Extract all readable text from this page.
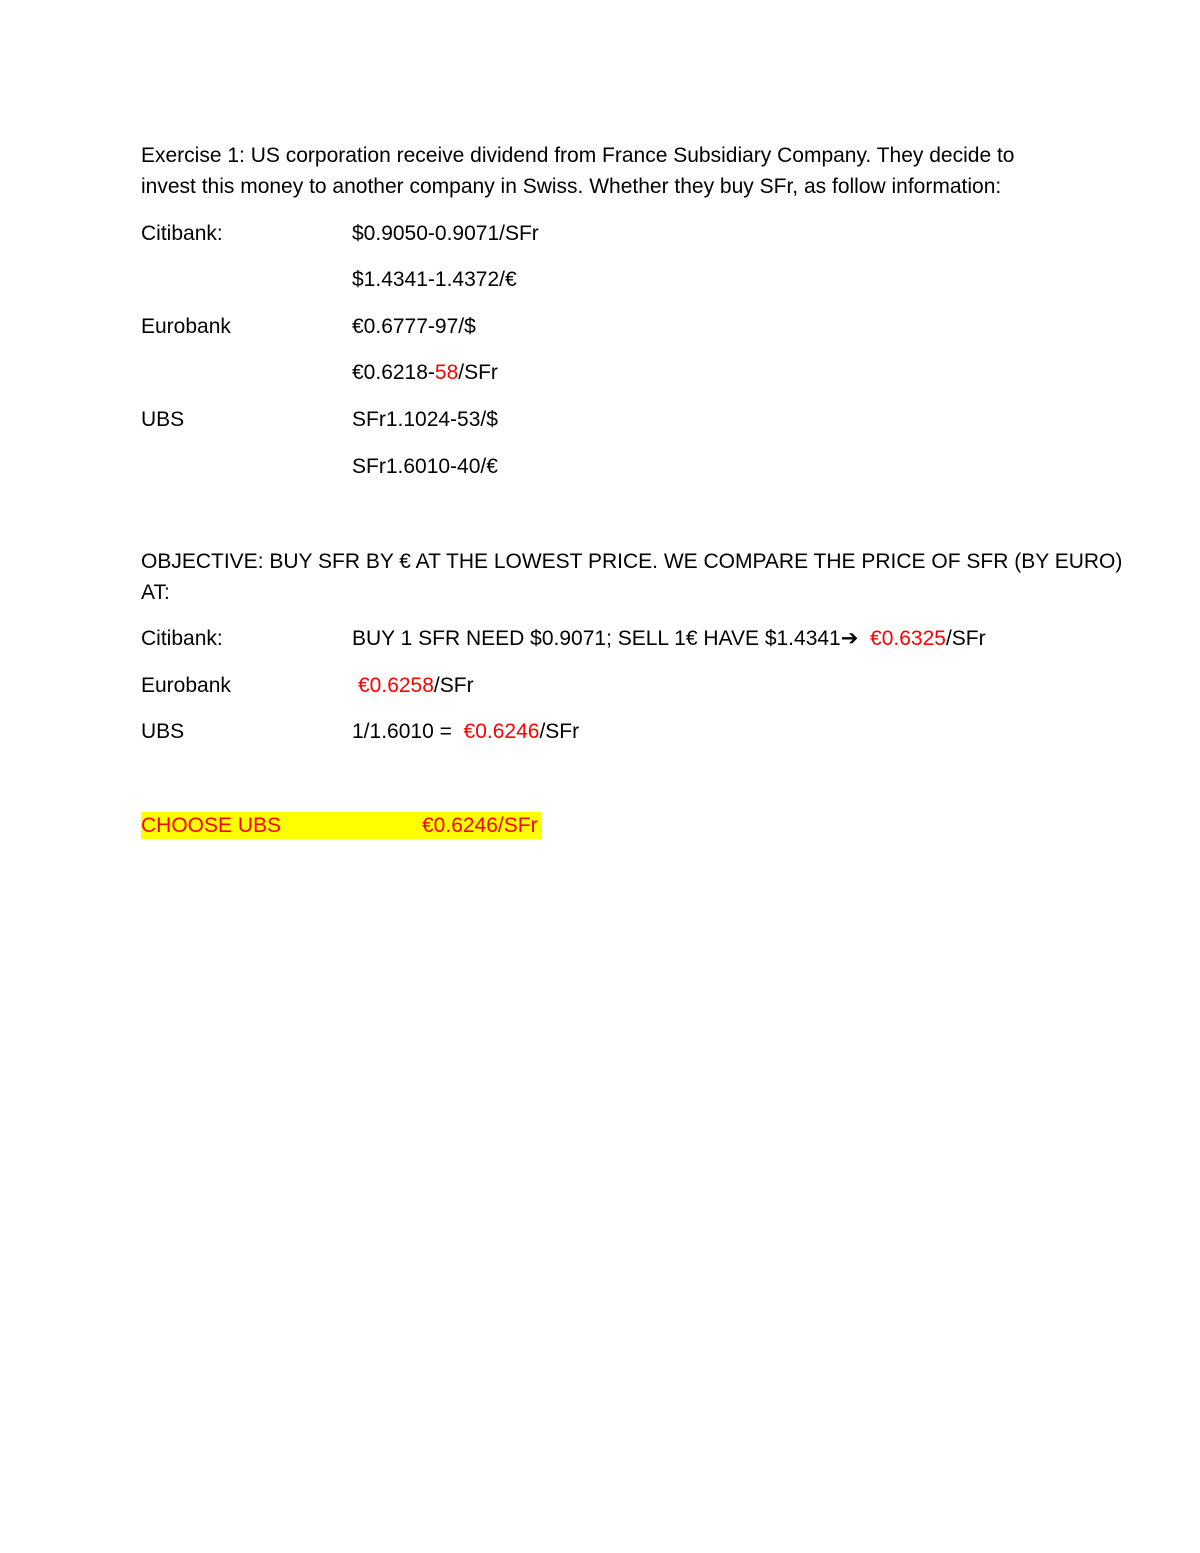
Exercise 1: US corporation receive dividend from France Subsidiary Company. They decide to
invest this money to another company in Swiss. Whether they buy SFr, as follow information:
Citibank:	$0.9050-0.9071/SFr
$1.4341-1.4372/€
Eurobank	€0.6777-97/$
€0.6218-58/SFr
UBS	SFr1.1024-53/$
SFr1.6010-40/€
OBJECTIVE: BUY SFR BY € AT THE LOWEST PRICE. WE COMPARE THE PRICE OF SFR (BY EURO)
AT:
Citibank:	BUY 1 SFR NEED $0.9071; SELL 1€ HAVE $1.4341➔ €0.6325/SFr
Eurobank	€0.6258/SFr
UBS	1/1.6010 =  €0.6246/SFr
CHOOSE UBS	€0.6246/SFr
